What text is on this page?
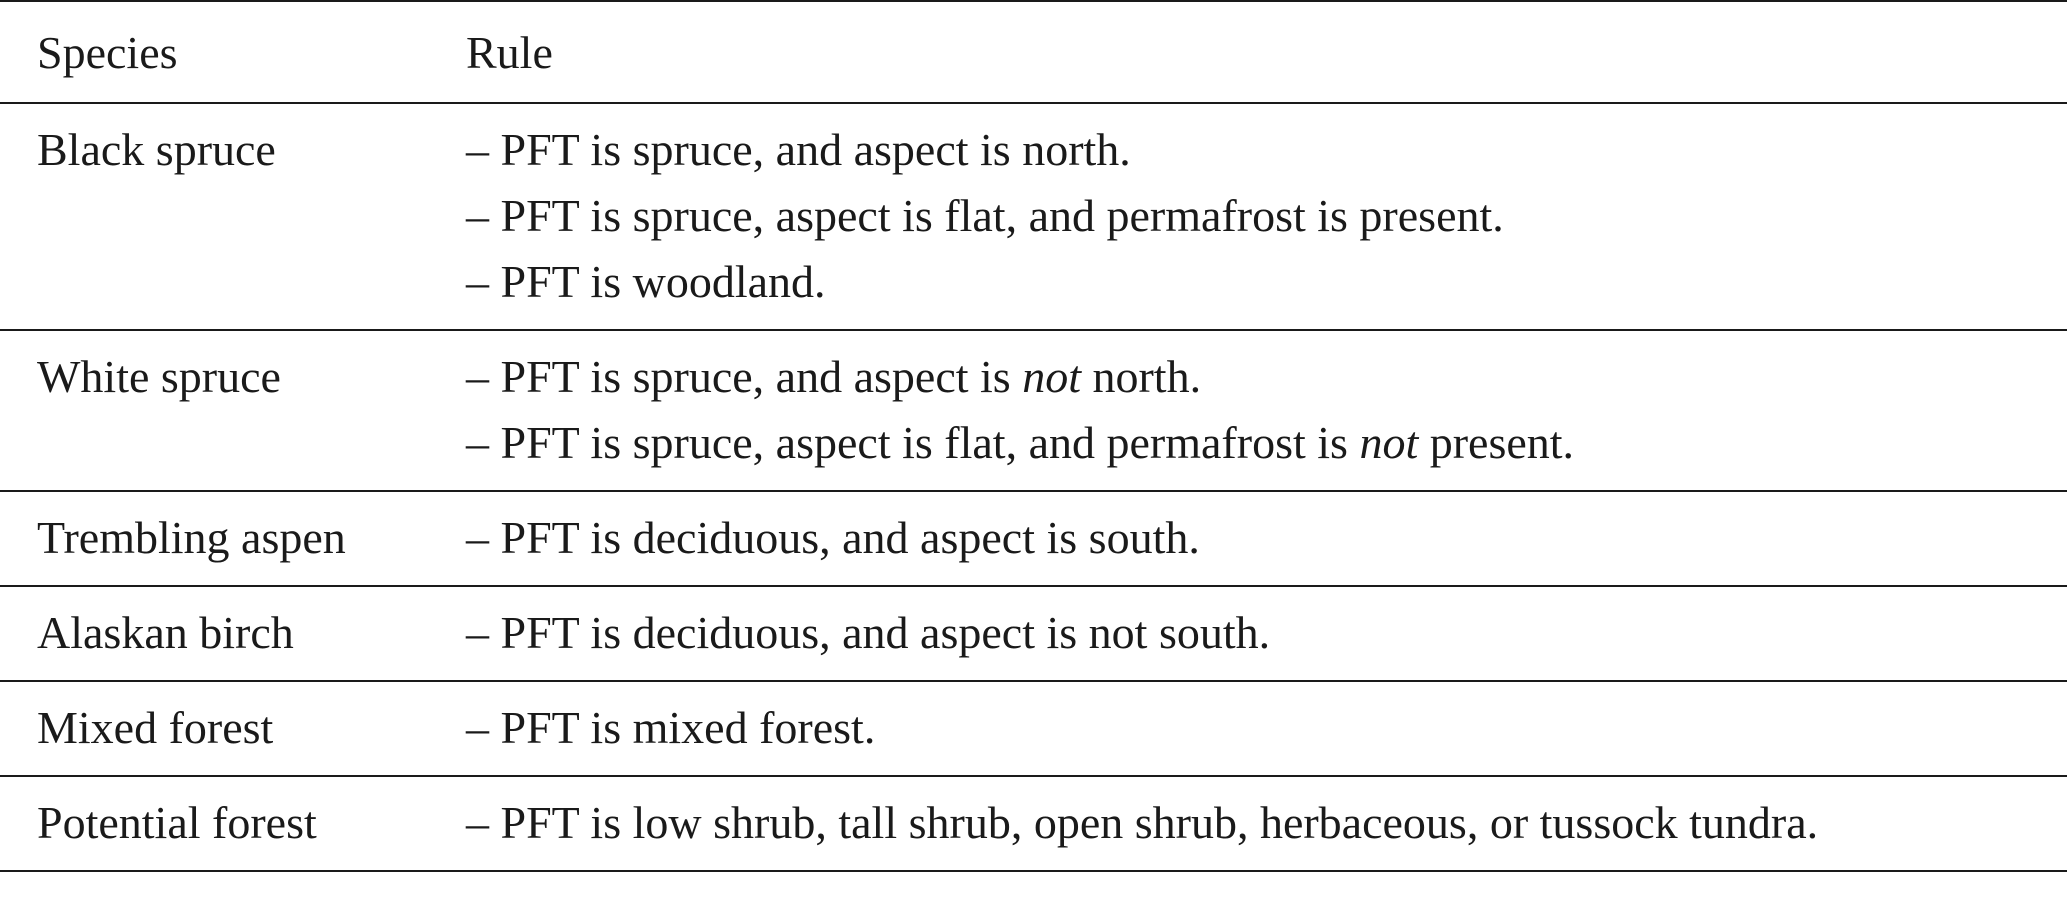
Species	Rule
Black spruce	– PFT is spruce, and aspect is north.
– PFT is spruce, aspect is flat, and permafrost is present.
– PFT is woodland.

White spruce	– PFT is spruce, and aspect is not north.
– PFT is spruce, aspect is flat, and permafrost is not present.

Trembling aspen	– PFT is deciduous, and aspect is south.

Alaskan birch	– PFT is deciduous, and aspect is not south.

Mixed forest	– PFT is mixed forest.

Potential forest	– PFT is low shrub, tall shrub, open shrub, herbaceous, or tussock tundra.
